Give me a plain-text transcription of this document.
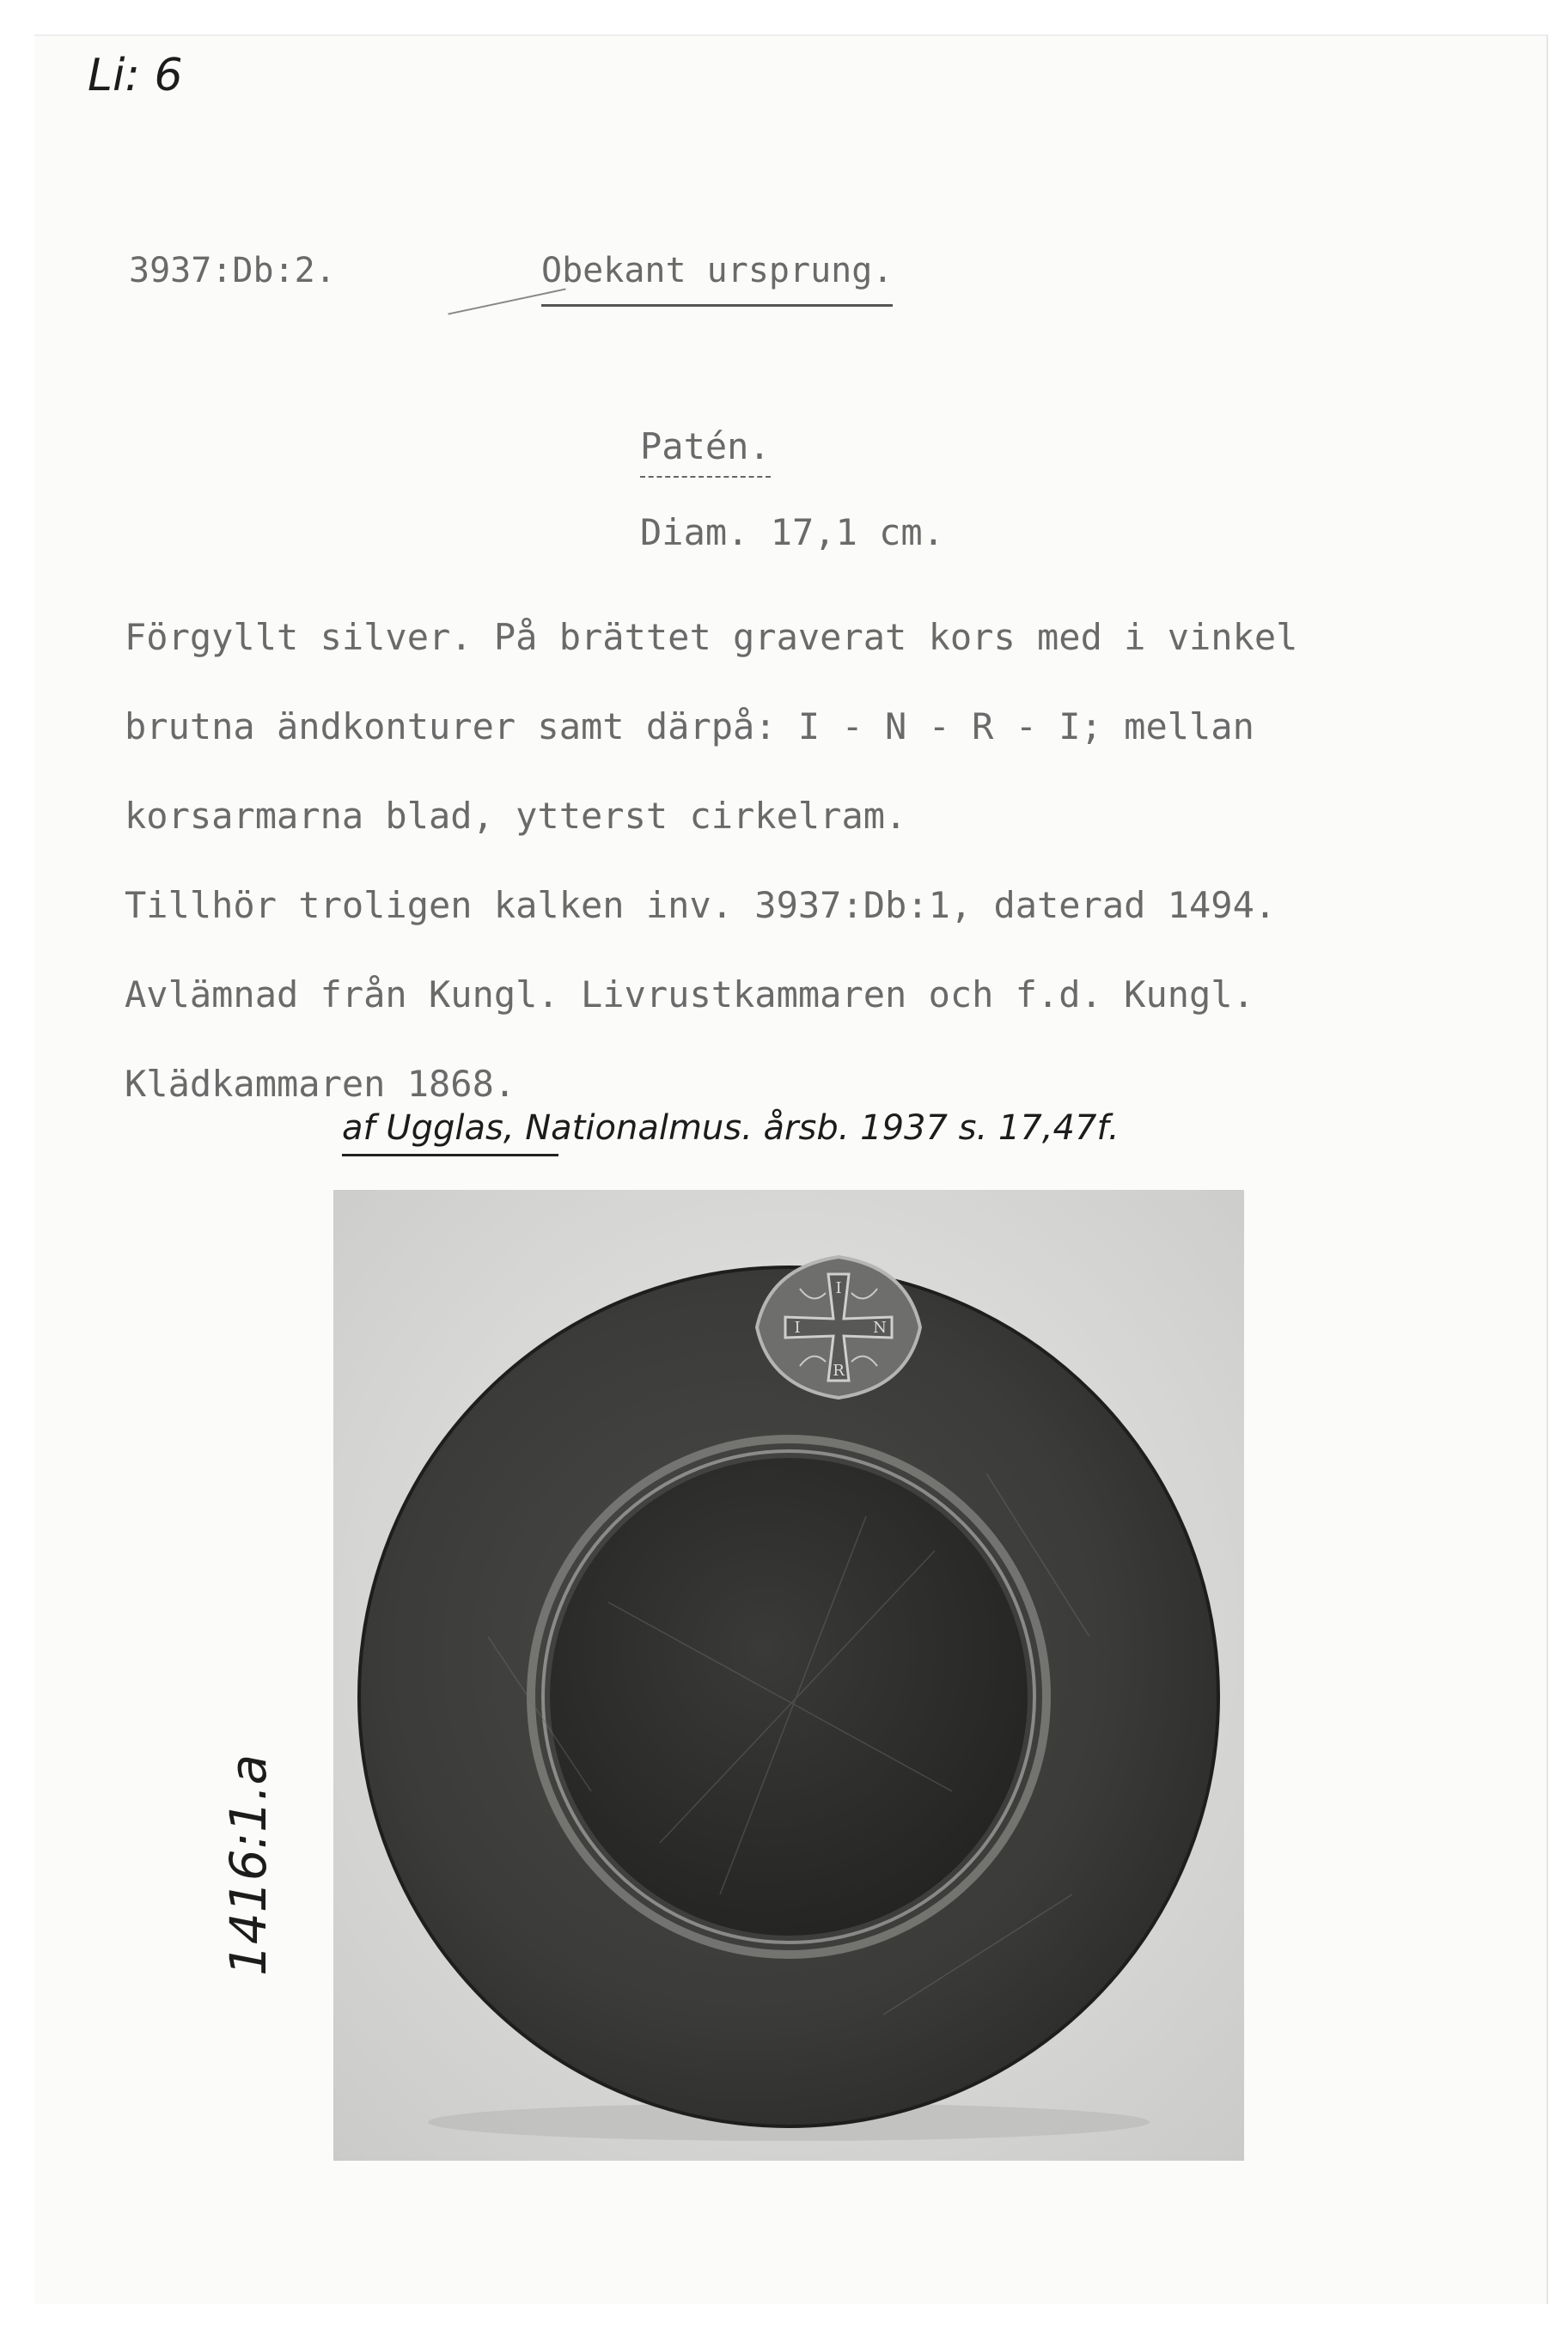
Li: 6
3937:Db:2.	Obekant ursprung.
Patén.
Diam. 17,1 cm.

Förgyllt silver. På brättet graverat kors med i vinkel

brutna ändkonturer samt därpå: I - N - R - I; mellan

korsarmarna blad, ytterst cirkelram.

Tillhör troligen kalken inv. 3937:Db:1, daterad 1494.

Avlämnad från Kungl. Livrustkammaren och f.d. Kungl.

Klädkammaren 1868.

af Ugglas, Nationalmus. årsb. 1937 s. 17,47f.
I
N
R
I
1416:1.a
